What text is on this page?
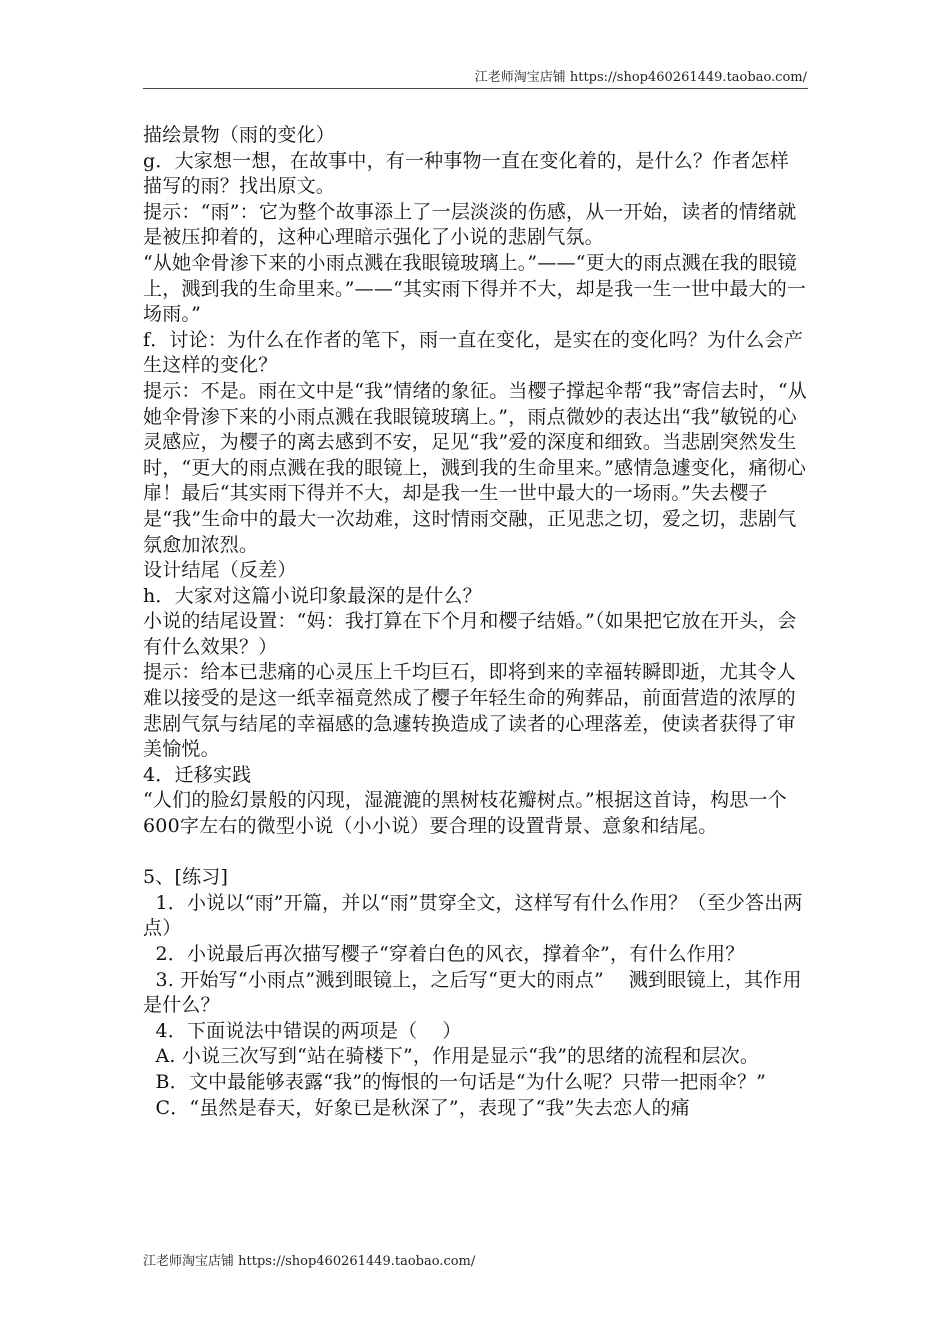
江老师淘宝店铺 https://shop460261449.taobao.com/

描绘景物（雨的变化）

g．大家想一想，在故事中，有一种事物一直在变化着的，是什么？作者怎样描写的雨？找出原文。

提示：“雨”：它为整个故事添上了一层淡淡的伤感，从一开始，读者的情绪就是被压抑着的，这种心理暗示强化了小说的悲剧气氛。

“从她伞骨渗下来的小雨点溅在我眼镜玻璃上。”——“更大的雨点溅在我的眼镜上，溅到我的生命里来。”——“其实雨下得并不大，却是我一生一世中最大的一场雨。”

f．讨论：为什么在作者的笔下，雨一直在变化，是实在的变化吗？为什么会产生这样的变化？

提示：不是。雨在文中是“我”情绪的象征。当樱子撑起伞帮“我”寄信去时，“从她伞骨渗下来的小雨点溅在我眼镜玻璃上。”，雨点微妙的表达出“我”敏锐的心灵感应，为樱子的离去感到不安，足见“我”爱的深度和细致。当悲剧突然发生时，“更大的雨点溅在我的眼镜上，溅到我的生命里来。”感情急遽变化，痛彻心扉！最后“其实雨下得并不大，却是我一生一世中最大的一场雨。”失去樱子是“我”生命中的最大一次劫难，这时情雨交融，正见悲之切，爱之切，悲剧气氛愈加浓烈。

设计结尾（反差）

h．大家对这篇小说印象最深的是什么？

小说的结尾设置：“妈：我打算在下个月和樱子结婚。”（如果把它放在开头，会有什么效果？）

提示：给本已悲痛的心灵压上千均巨石，即将到来的幸福转瞬即逝，尤其令人难以接受的是这一纸幸福竟然成了樱子年轻生命的殉葬品，前面营造的浓厚的悲剧气氛与结尾的幸福感的急遽转换造成了读者的心理落差，使读者获得了审美愉悦。

4．迁移实践

“人们的脸幻景般的闪现，湿漉漉的黑树枝花瓣树点。”根据这首诗，构思一个600字左右的微型小说（小小说）要合理的设置背景、意象和结尾。

5、[练习]

1．小说以“雨”开篇，并以“雨”贯穿全文，这样写有什么作用？（至少答出两点）

2．小说最后再次描写樱子“穿着白色的风衣，撑着伞”，有什么作用？

3. 开始写“小雨点”溅到眼镜上，之后写“更大的雨点”    溅到眼镜上，其作用是什么？

4．下面说法中错误的两项是（    ）

A. 小说三次写到“站在骑楼下”，作用是显示“我”的思绪的流程和层次。

B．文中最能够表露“我”的悔恨的一句话是“为什么呢？只带一把雨伞？”

C．“虽然是春天，好象已是秋深了”，表现了“我”失去恋人的痛

江老师淘宝店铺 https://shop460261449.taobao.com/
